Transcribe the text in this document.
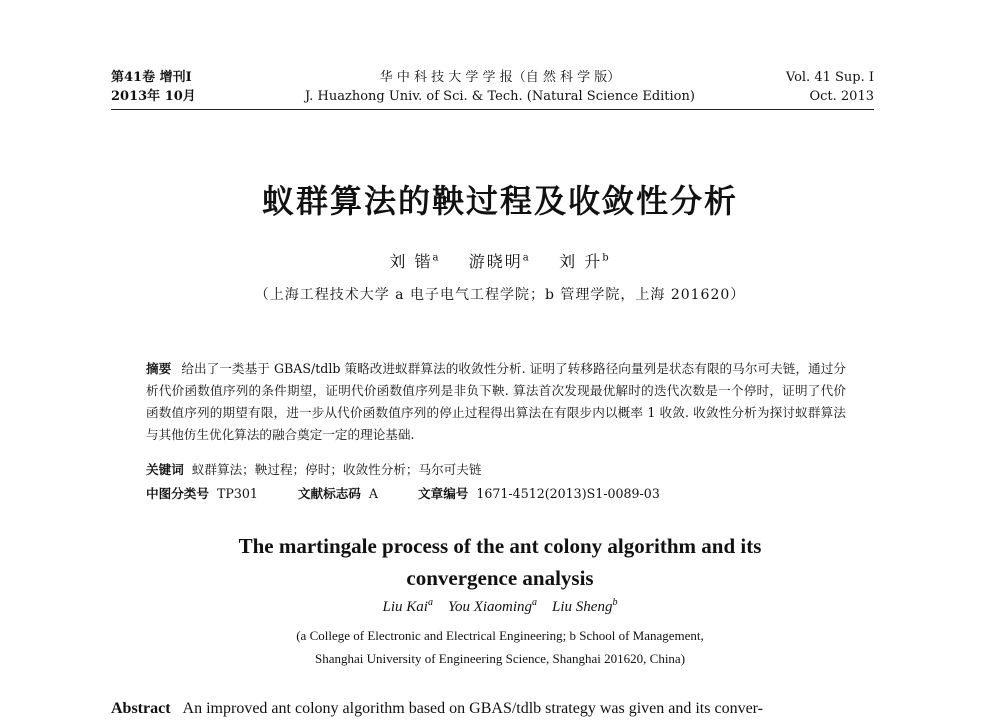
第41卷 增刊Ⅰ
2013年 10月
华 中 科 技 大 学 学 报（自 然 科 学 版）
J. Huazhong Univ. of Sci. & Tech. (Natural Science Edition)
Vol. 41 Sup. Ⅰ
Oct. 2013
蚁群算法的鞅过程及收敛性分析
刘 锴$^a$ 游晓明$^a$ 刘 升$^b$
（上海工程技术大学 a 电子电气工程学院；b 管理学院，上海 201620）
摘要 给出了一类基于 GBAS/tdlb 策略改进蚁群算法的收敛性分析. 证明了转移路径向量列是状态有限的马尔可夫链，通过分析代价函数值序列的条件期望，证明代价函数值序列是非负下鞅. 算法首次发现最优解时的迭代次数是一个停时，证明了代价函数值序列的期望有限，进一步从代价函数值序列的停止过程得出算法在有限步内以概率 1 收敛. 收敛性分析为探讨蚁群算法与其他仿生优化算法的融合奠定一定的理论基础.
关键词 蚁群算法；鞅过程；停时；收敛性分析；马尔可夫链
中图分类号 TP301	文献标志码 A	文章编号 1671-4512(2013)S1-0089-03
The martingale process of the ant colony algorithm and its convergence analysis
Liu Kai$^a$ You Xiaoming$^a$ Liu Sheng$^b$
(a College of Electronic and Electrical Engineering; b School of Management,
Shanghai University of Engineering Science, Shanghai 201620, China)
Abstract An improved ant colony algorithm based on GBAS/tdlb strategy was given and its conver-
